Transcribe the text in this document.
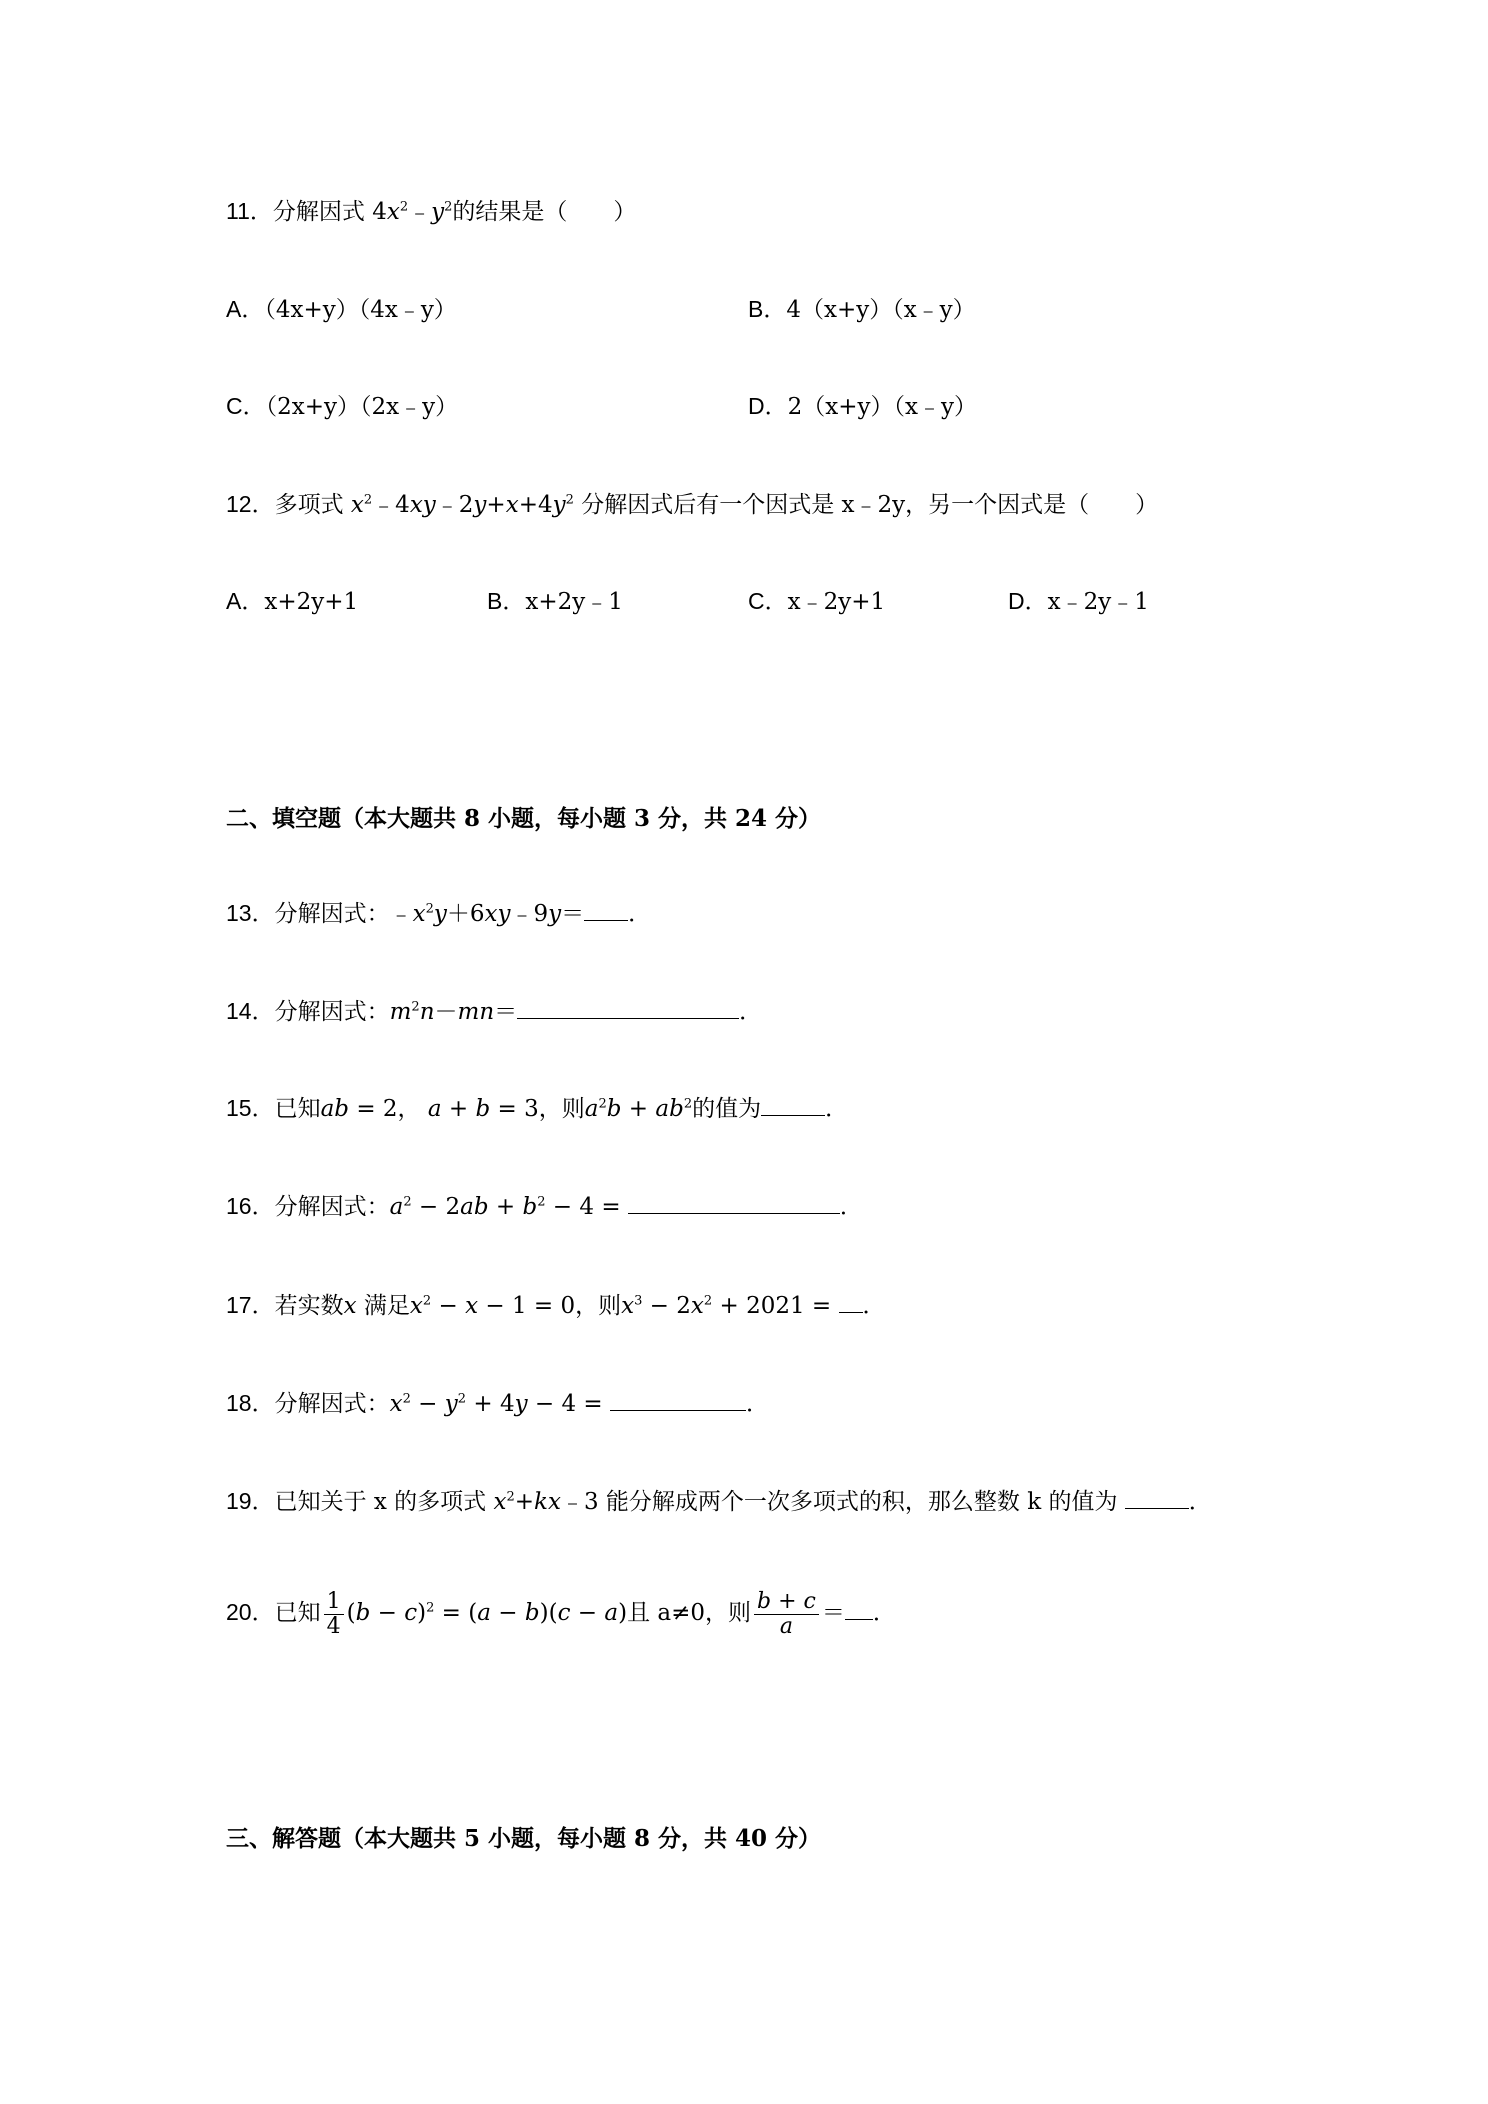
11．分解因式 $4x^2﹣y^2$的结果是（　　）
A．（4x+y）（4x﹣y）	B．4（x+y）（x﹣y）
C．（2x+y）（2x﹣y）	D．2（x+y）（x﹣y）
12．多项式 $x^2﹣4xy﹣2y+x+4y^2$ 分解因式后有一个因式是 x﹣2y，另一个因式是（　　）
A．x+2y+1	B．x+2y﹣1	C．x﹣2y+1	D．x﹣2y﹣1
二、填空题（本大题共 8 小题，每小题 3 分，共 24 分）
13．分解因式：$﹣x^2y+6xy﹣9y=$ ．
14．分解因式：$m^2n-mn=$	．
15．已知ab = 2， a + b = 3，则$a^2b + ab^2$的值为	．
16．分解因式：$a^2 - 2ab + b^2 - 4$ =	．
17．若实数x 满足$x^2 - x - 1 = 0$，则$x^3 - 2x^2 + 2021$ = ．
18．分解因式：$x^2 - y^2 + 4y - 4$ =	．
19．已知关于 x 的多项式 $x^2+kx﹣3$ 能分解成两个一次多项式的积，那么整数 k 的值为	．
20．已知 $\frac{1}{4} (b - c)^2 = (a - b)(c - a)$且 a≠0，则 $\frac{b + c}{a}$ ＝ ．
三、解答题（本大题共 5 小题，每小题 8 分，共 40 分）
